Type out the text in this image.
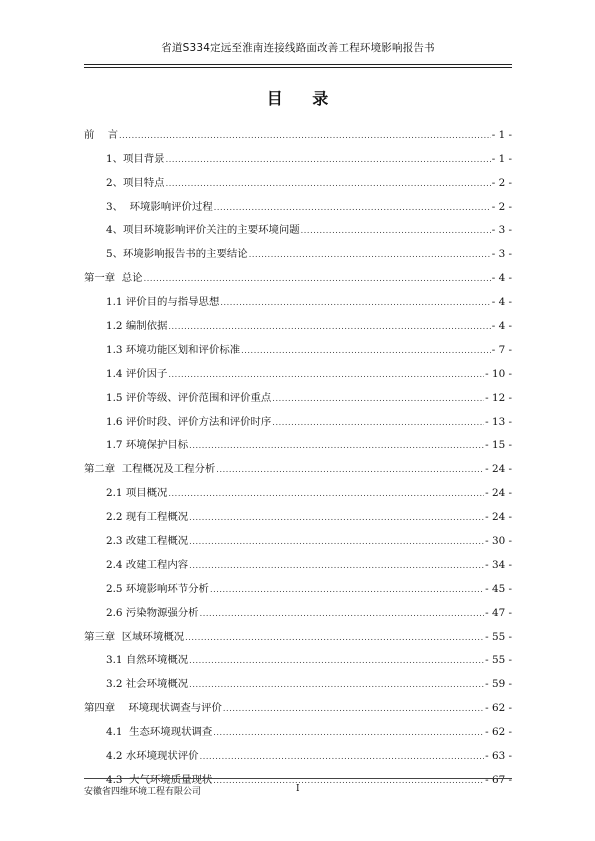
省道S334定远至淮南连接线路面改善工程环境影响报告书
目 录
前    言 .....	- 1 -
1、项目背景 .....	- 1 -
2、项目特点 .....	- 2 -
3、  环境影响评价过程 .....	- 2 -
4、项目环境影响评价关注的主要环境问题 .....	- 3 -
5、环境影响报告书的主要结论 .....	- 3 -
第一章  总论 .....	- 4 -
1.1 评价目的与指导思想 .....	- 4 -
1.2 编制依据 .....	- 4 -
1.3 环境功能区划和评价标准 .....	- 7 -
1.4 评价因子 .....	- 10 -
1.5 评价等级、评价范围和评价重点 .....	- 12 -
1.6 评价时段、评价方法和评价时序 .....	- 13 -
1.7 环境保护目标 .....	- 15 -
第二章  工程概况及工程分析 .....	- 24 -
2.1 项目概况 .....	- 24 -
2.2 现有工程概况 .....	- 24 -
2.3 改建工程概况 .....	- 30 -
2.4 改建工程内容 .....	- 34 -
2.5 环境影响环节分析 .....	- 45 -
2.6 污染物源强分析 .....	- 47 -
第三章  区域环境概况 .....	- 55 -
3.1 自然环境概况 .....	- 55 -
3.2 社会环境概况 .....	- 59 -
第四章    环境现状调查与评价 .....	- 62 -
4.1  生态环境现状调查 .....	- 62 -
4.2 水环境现状评价 .....	- 63 -
4.3  大气环境质量现状 .....	- 67 -
安徽省四维环境工程有限公司	I
